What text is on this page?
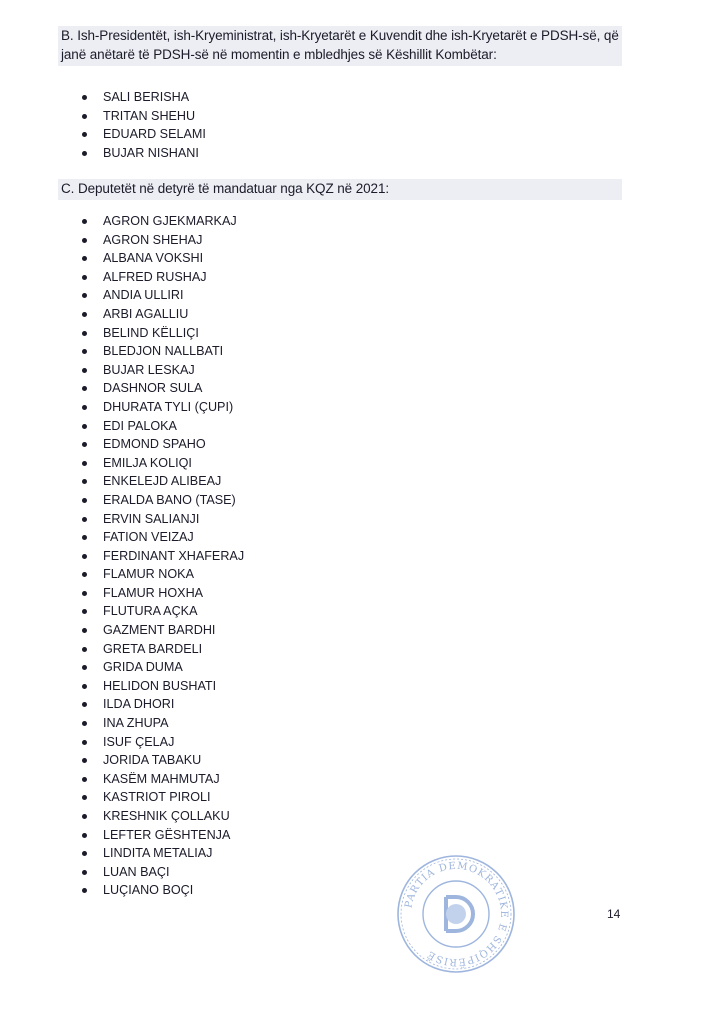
B. Ish-Presidentët, ish-Kryeministrat, ish-Kryetarët e Kuvendit dhe ish-Kryetarët e PDSH-së, që janë anëtarë të PDSH-së në momentin e mbledhjes së Këshillit Kombëtar:
SALI BERISHA
TRITAN SHEHU
EDUARD SELAMI
BUJAR NISHANI
C. Deputetët në detyrë të mandatuar nga KQZ në 2021:
AGRON GJEKMARKAJ
AGRON SHEHAJ
ALBANA VOKSHI
ALFRED RUSHAJ
ANDIA ULLIRI
ARBI AGALLIU
BELIND KËLLIÇI
BLEDJON NALLBATI
BUJAR LESKAJ
DASHNOR SULA
DHURATA TYLI (ÇUPI)
EDI PALOKA
EDMOND SPAHO
EMILJA KOLIQI
ENKELEJD ALIBEAJ
ERALDA BANO (TASE)
ERVIN SALIANJI
FATION VEIZAJ
FERDINANT XHAFERAJ
FLAMUR NOKA
FLAMUR HOXHA
FLUTURA AÇKA
GAZMENT BARDHI
GRETA BARDELI
GRIDA DUMA
HELIDON BUSHATI
ILDA DHORI
INA ZHUPA
ISUF ÇELAJ
JORIDA TABAKU
KASËM MAHMUTAJ
KASTRIOT PIROLI
KRESHNIK ÇOLLAKU
LEFTER GËSHTENJA
LINDITA METALIAJ
LUAN BAÇI
LUÇIANO BOÇI
14
PARTIA DEMOKRATIKE E SHQIPËRISË
